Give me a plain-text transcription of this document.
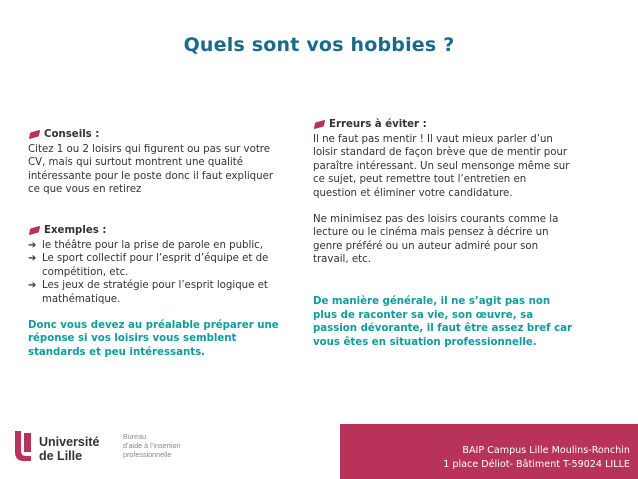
Quels sont vos hobbies ?
Conseils :
Citez 1 ou 2 loisirs qui figurent ou pas sur votre
CV, mais qui surtout montrent une qualité
intéressante pour le poste donc il faut expliquer
ce que vous en retirez
Exemples :
➔ le théâtre pour la prise de parole en public,
➔ Le sport collectif pour l’esprit d’équipe et de
compétition, etc.
➔ Les jeux de stratégie pour l’esprit logique et
mathématique.
Donc vous devez au préalable préparer une
réponse si vos loisirs vous semblent
standards et peu intéressants.
Erreurs à éviter :
Il ne faut pas mentir ! Il vaut mieux parler d’un
loisir standard de façon brève que de mentir pour
paraître intéressant. Un seul mensonge même sur
ce sujet, peut remettre tout l’entretien en
question et éliminer votre candidature.
Ne minimisez pas des loisirs courants comme la
lecture ou le cinéma mais pensez à décrire un
genre préféré ou un auteur admiré pour son
travail, etc.
De manière générale, il ne s’agit pas non
plus de raconter sa vie, son œuvre, sa
passion dévorante, il faut être assez bref car
vous êtes en situation professionnelle.
Université
de Lille
Bureau
d’aide à l’insertion
professionnelle	BAIP Campus Lille Moulins-Ronchin
1 place Déliot- Bâtiment T-59024 LILLE
